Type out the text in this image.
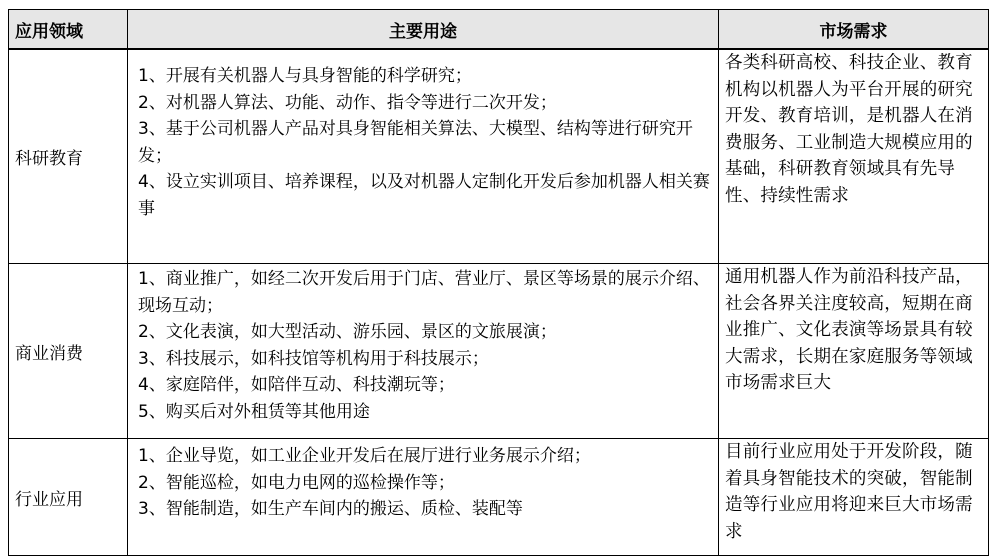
应用领域	主要用途	市场需求
科研教育	1、开展有关机器人与具身智能的科学研究；
2、对机器人算法、功能、动作、指令等进行二次开发；
3、基于公司机器人产品对具身智能相关算法、大模型、结构等进行研究开发；
4、设立实训项目、培养课程，以及对机器人定制化开发后参加机器人相关赛事	各类科研高校、科技企业、教育机构以机器人为平台开展的研究开发、教育培训，是机器人在消费服务、工业制造大规模应用的基础，科研教育领域具有先导性、持续性需求
商业消费	1、商业推广，如经二次开发后用于门店、营业厅、景区等场景的展示介绍、现场互动；
2、文化表演，如大型活动、游乐园、景区的文旅展演；
3、科技展示，如科技馆等机构用于科技展示；
4、家庭陪伴，如陪伴互动、科技潮玩等；
5、购买后对外租赁等其他用途	通用机器人作为前沿科技产品，社会各界关注度较高，短期在商业推广、文化表演等场景具有较大需求，长期在家庭服务等领域市场需求巨大
行业应用	1、企业导览，如工业企业开发后在展厅进行业务展示介绍；
2、智能巡检，如电力电网的巡检操作等；
3、智能制造，如生产车间内的搬运、质检、装配等	目前行业应用处于开发阶段，随着具身智能技术的突破，智能制造等行业应用将迎来巨大市场需求
